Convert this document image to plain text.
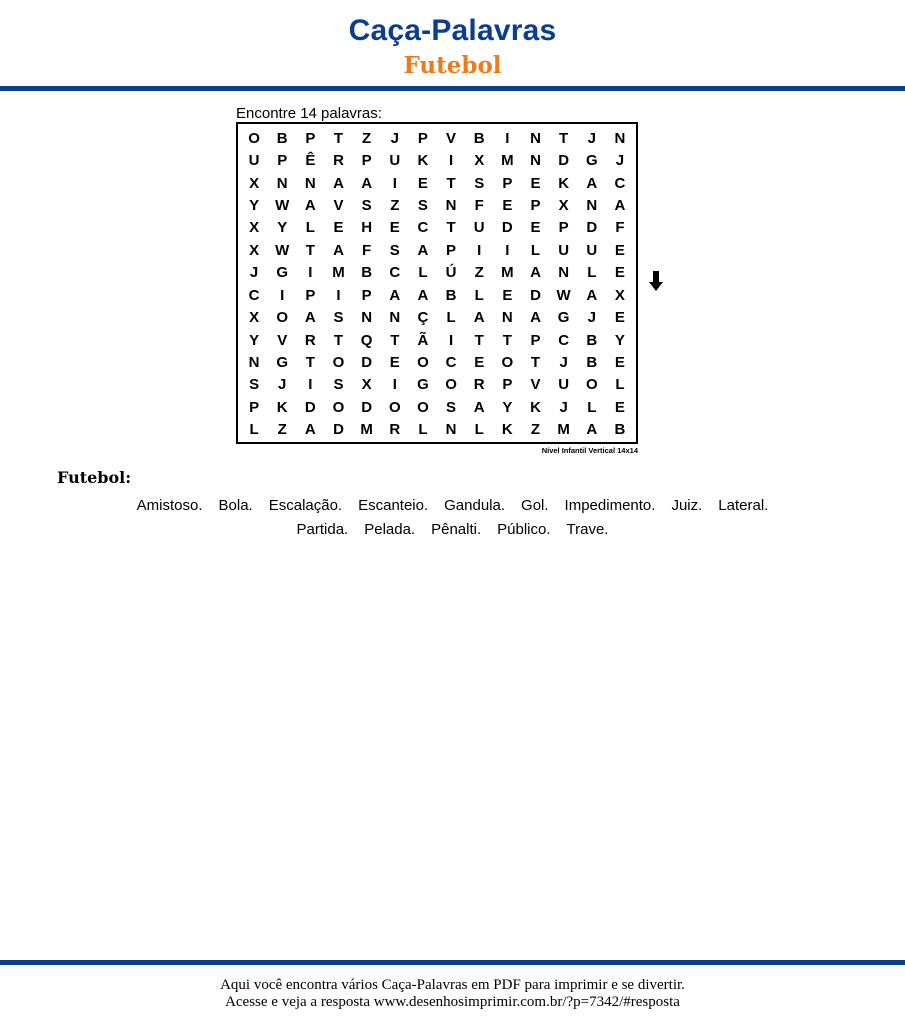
Caça-Palavras
Futebol
Encontre 14 palavras:
O	B	P	T	Z	J	P	V	B	I	N	T	J	N
U	P	Ê	R	P	U	K	I	X	M	N	D	G	J
X	N	N	A	A	I	E	T	S	P	E	K	A	C
Y	W	A	V	S	Z	S	N	F	E	P	X	N	A
X	Y	L	E	H	E	C	T	U	D	E	P	D	F
X	W	T	A	F	S	A	P	I	I	L	U	U	E
J	G	I	M	B	C	L	Ú	Z	M	A	N	L	E
C	I	P	I	P	A	A	B	L	E	D	W	A	X
X	O	A	S	N	N	Ç	L	A	N	A	G	J	E
Y	V	R	T	Q	T	Ã	I	T	T	P	C	B	Y
N	G	T	O	D	E	O	C	E	O	T	J	B	E
S	J	I	S	X	I	G	O	R	P	V	U	O	L
P	K	D	O	D	O	O	S	A	Y	K	J	L	E
L	Z	A	D	M	R	L	N	L	K	Z	M	A	B
Nível Infantil Vertical 14x14
Futebol:
Amistoso. Bola. Escalação. Escanteio. Gandula. Gol. Impedimento. Juiz. Lateral.
Partida. Pelada. Pênalti. Público. Trave.
Aqui você encontra vários Caça-Palavras em PDF para imprimir e se divertir.
Acesse e veja a resposta www.desenhosimprimir.com.br/?p=7342/#resposta
